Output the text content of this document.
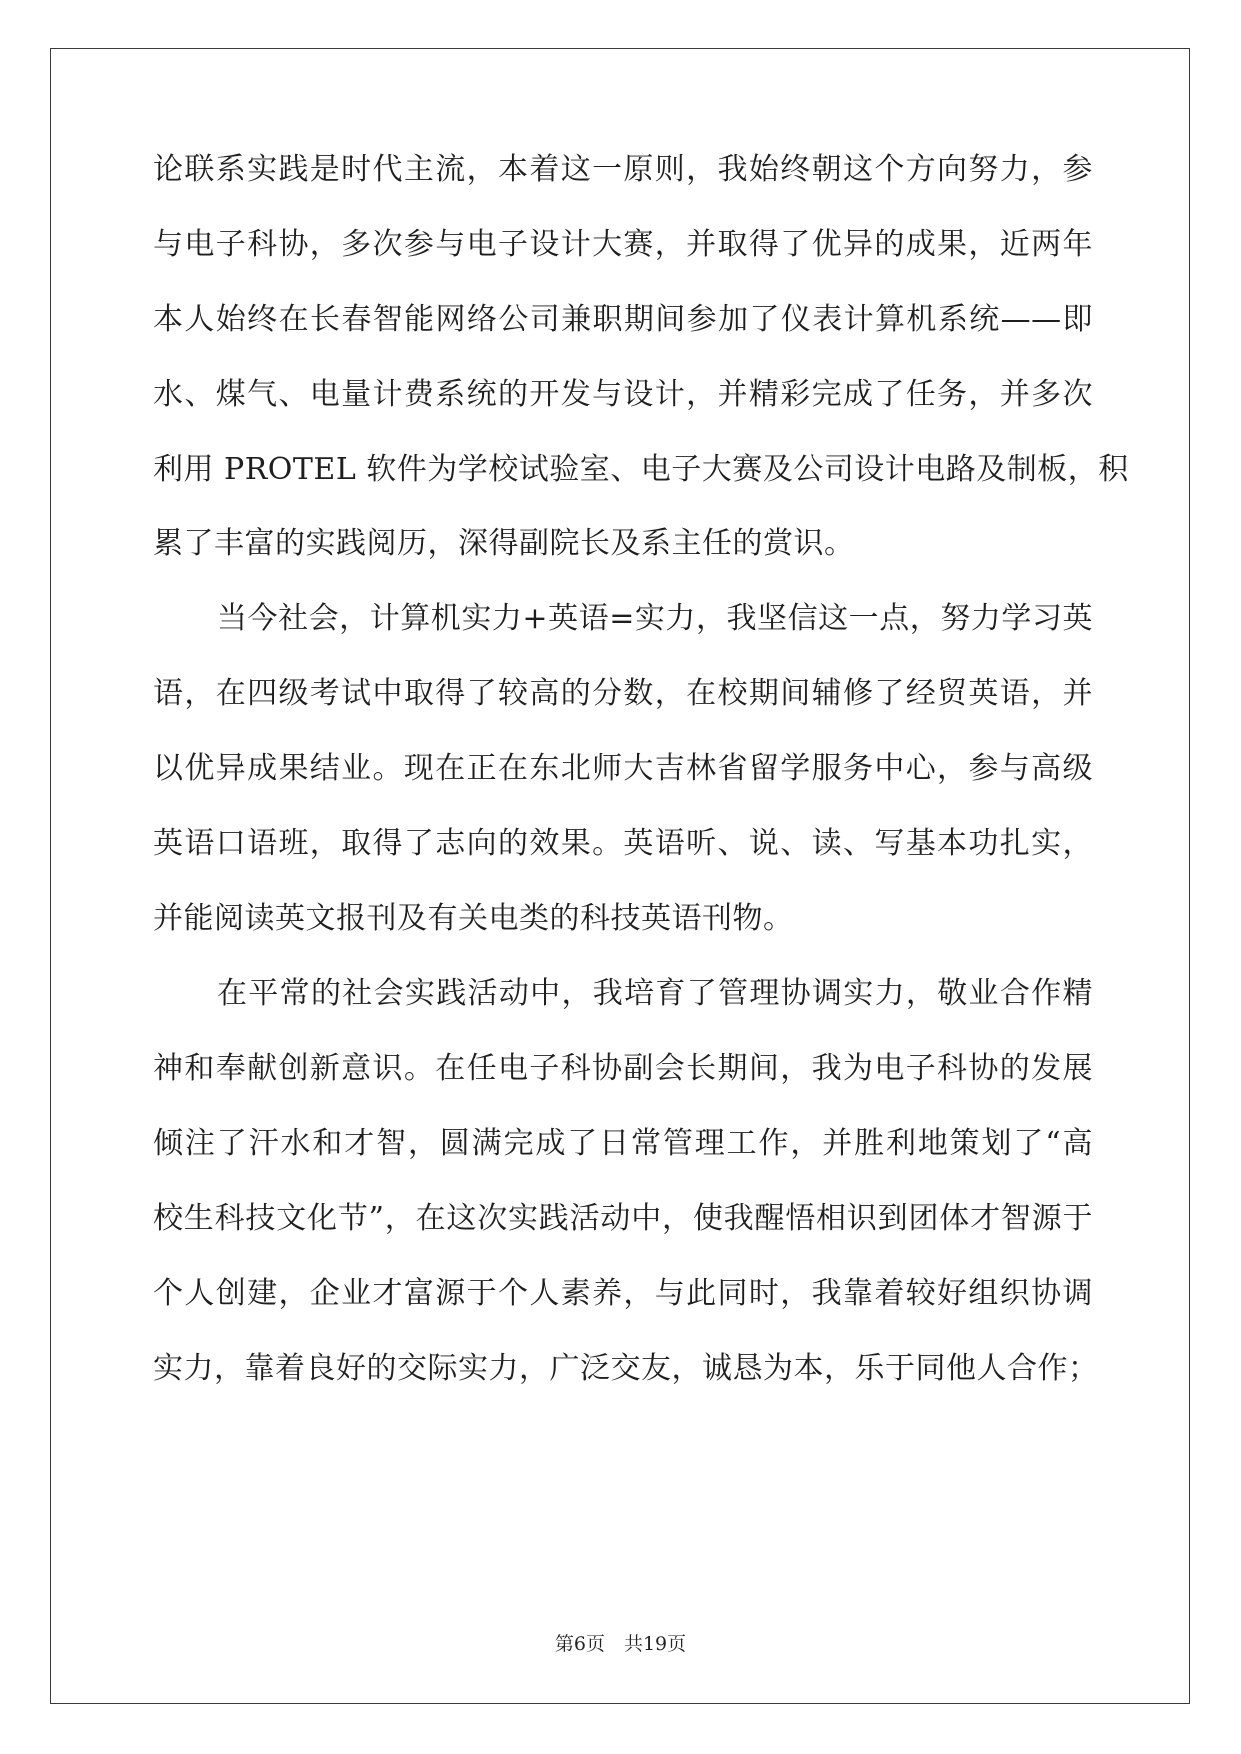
论联系实践是时代主流，本着这一原则，我始终朝这个方向努力，参
与电子科协，多次参与电子设计大赛，并取得了优异的成果，近两年
本人始终在长春智能网络公司兼职期间参加了仪表计算机系统——即
水、煤气、电量计费系统的开发与设计，并精彩完成了任务，并多次
利用 PROTEL 软件为学校试验室、电子大赛及公司设计电路及制板，积
累了丰富的实践阅历，深得副院长及系主任的赏识。
当今社会，计算机实力+英语=实力，我坚信这一点，努力学习英
语，在四级考试中取得了较高的分数，在校期间辅修了经贸英语，并
以优异成果结业。现在正在东北师大吉林省留学服务中心，参与高级
英语口语班，取得了志向的效果。英语听、说、读、写基本功扎实，
并能阅读英文报刊及有关电类的科技英语刊物。
在平常的社会实践活动中，我培育了管理协调实力，敬业合作精
神和奉献创新意识。在任电子科协副会长期间，我为电子科协的发展
倾注了汗水和才智，圆满完成了日常管理工作，并胜利地策划了“高
校生科技文化节”，在这次实践活动中，使我醒悟相识到团体才智源于
个人创建，企业才富源于个人素养，与此同时，我靠着较好组织协调
实力，靠着良好的交际实力，广泛交友，诚恳为本，乐于同他人合作；
第6页　共19页
